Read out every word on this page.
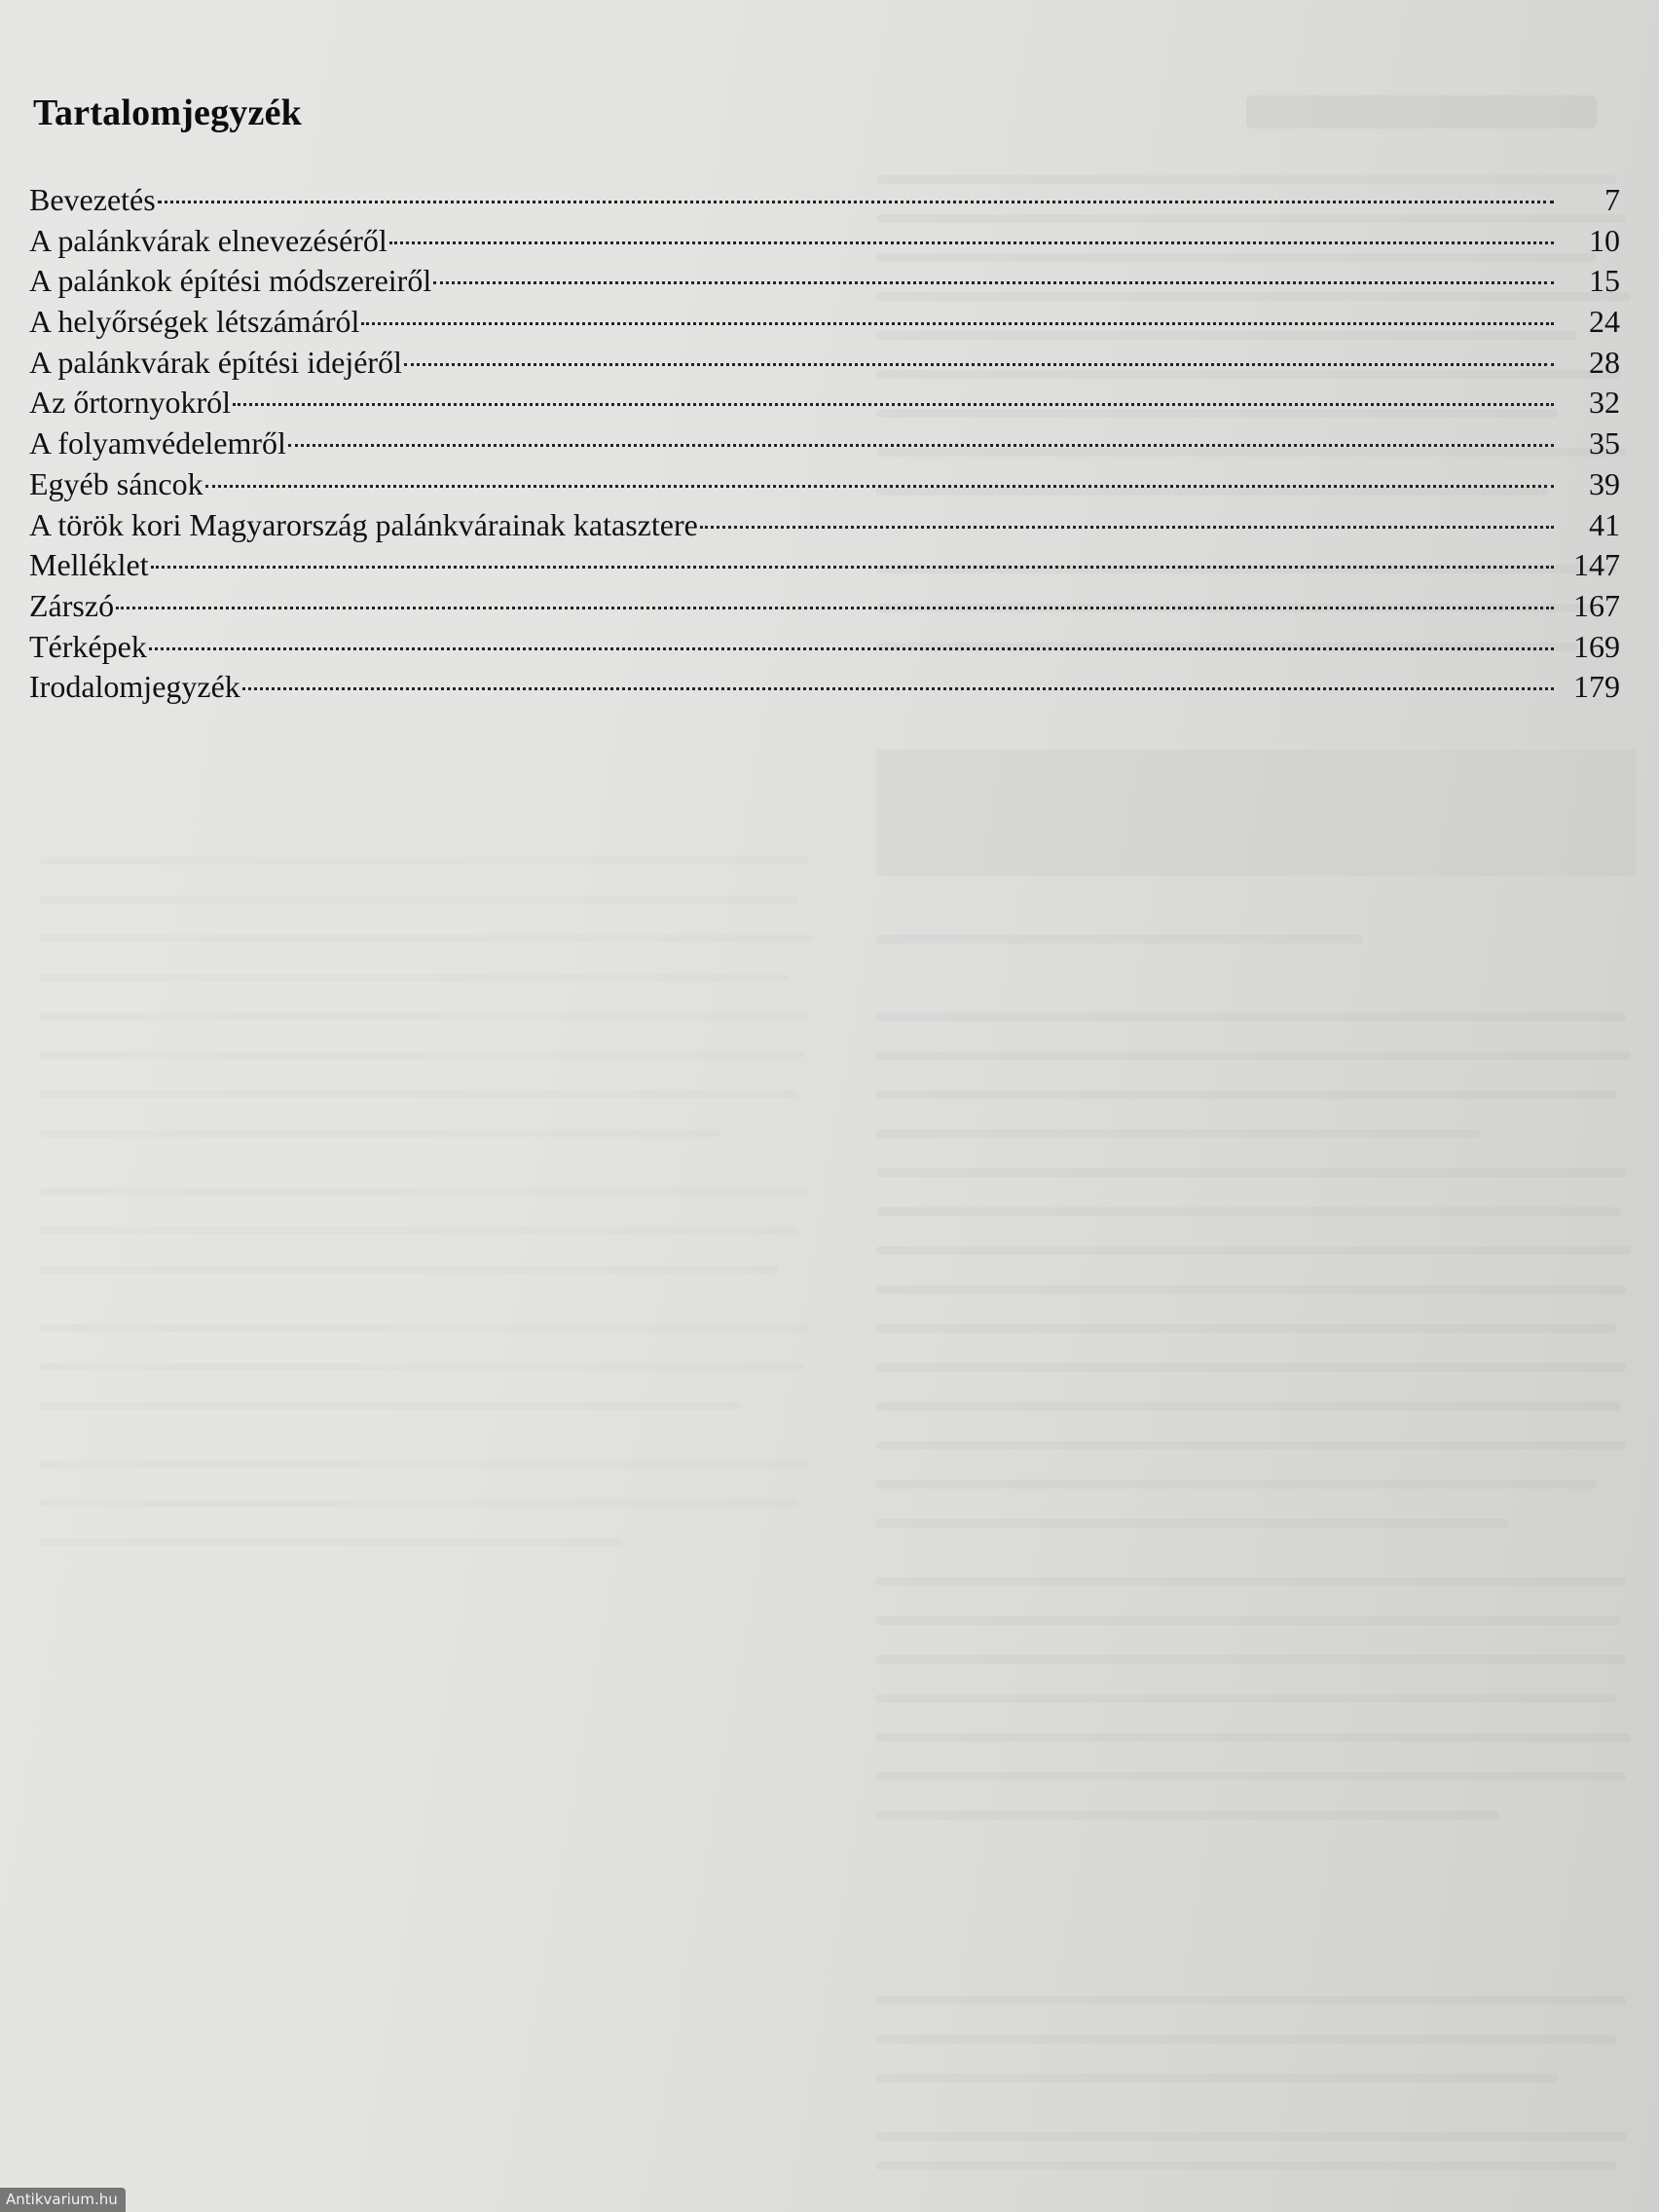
Tartalomjegyzék
Bevezetés	7
A palánkvárak elnevezéséről	10
A palánkok építési módszereiről	15
A helyőrségek létszámáról	24
A palánkvárak építési idejéről	28
Az őrtornyokról	32
A folyamvédelemről	35
Egyéb sáncok	39
A török kori Magyarország palánkvárainak katasztere	41
Melléklet	147
Zárszó	167
Térképek	169
Irodalomjegyzék	179
Antikvarium.hu
